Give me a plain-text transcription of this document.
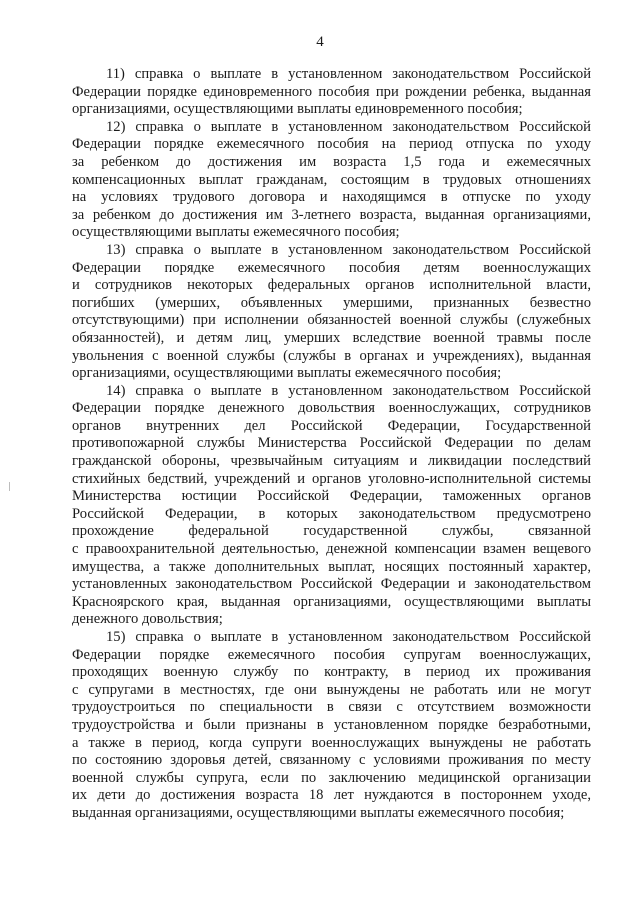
4
11) справка о выплате в установленном законодательством Российской
Федерации порядке единовременного пособия при рождении ребенка, выданная
организациями, осуществляющими выплаты единовременного пособия;
12) справка о выплате в установленном законодательством Российской
Федерации порядке ежемесячного пособия на период отпуска по уходу
за ребенком до достижения им возраста 1,5 года и ежемесячных
компенсационных выплат гражданам, состоящим в трудовых отношениях
на условиях трудового договора и находящимся в отпуске по уходу
за ребенком до достижения им 3-летнего возраста, выданная организациями,
осуществляющими выплаты ежемесячного пособия;
13) справка о выплате в установленном законодательством Российской
Федерации порядке ежемесячного пособия детям военнослужащих
и сотрудников некоторых федеральных органов исполнительной власти,
погибших (умерших, объявленных умершими, признанных безвестно
отсутствующими) при исполнении обязанностей военной службы (служебных
обязанностей), и детям лиц, умерших вследствие военной травмы после
увольнения с военной службы (службы в органах и учреждениях), выданная
организациями, осуществляющими выплаты ежемесячного пособия;
14) справка о выплате в установленном законодательством Российской
Федерации порядке денежного довольствия военнослужащих, сотрудников
органов внутренних дел Российской Федерации, Государственной
противопожарной службы Министерства Российской Федерации по делам
гражданской обороны, чрезвычайным ситуациям и ликвидации последствий
стихийных бедствий, учреждений и органов уголовно-исполнительной системы
Министерства юстиции Российской Федерации, таможенных органов
Российской Федерации, в которых законодательством предусмотрено
прохождение федеральной государственной службы, связанной
с правоохранительной деятельностью, денежной компенсации взамен вещевого
имущества, а также дополнительных выплат, носящих постоянный характер,
установленных законодательством Российской Федерации и законодательством
Красноярского края, выданная организациями, осуществляющими выплаты
денежного довольствия;
15) справка о выплате в установленном законодательством Российской
Федерации порядке ежемесячного пособия супругам военнослужащих,
проходящих военную службу по контракту, в период их проживания
с супругами в местностях, где они вынуждены не работать или не могут
трудоустроиться по специальности в связи с отсутствием возможности
трудоустройства и были признаны в установленном порядке безработными,
а также в период, когда супруги военнослужащих вынуждены не работать
по состоянию здоровья детей, связанному с условиями проживания по месту
военной службы супруга, если по заключению медицинской организации
их дети до достижения возраста 18 лет нуждаются в постороннем уходе,
выданная организациями, осуществляющими выплаты ежемесячного пособия;
